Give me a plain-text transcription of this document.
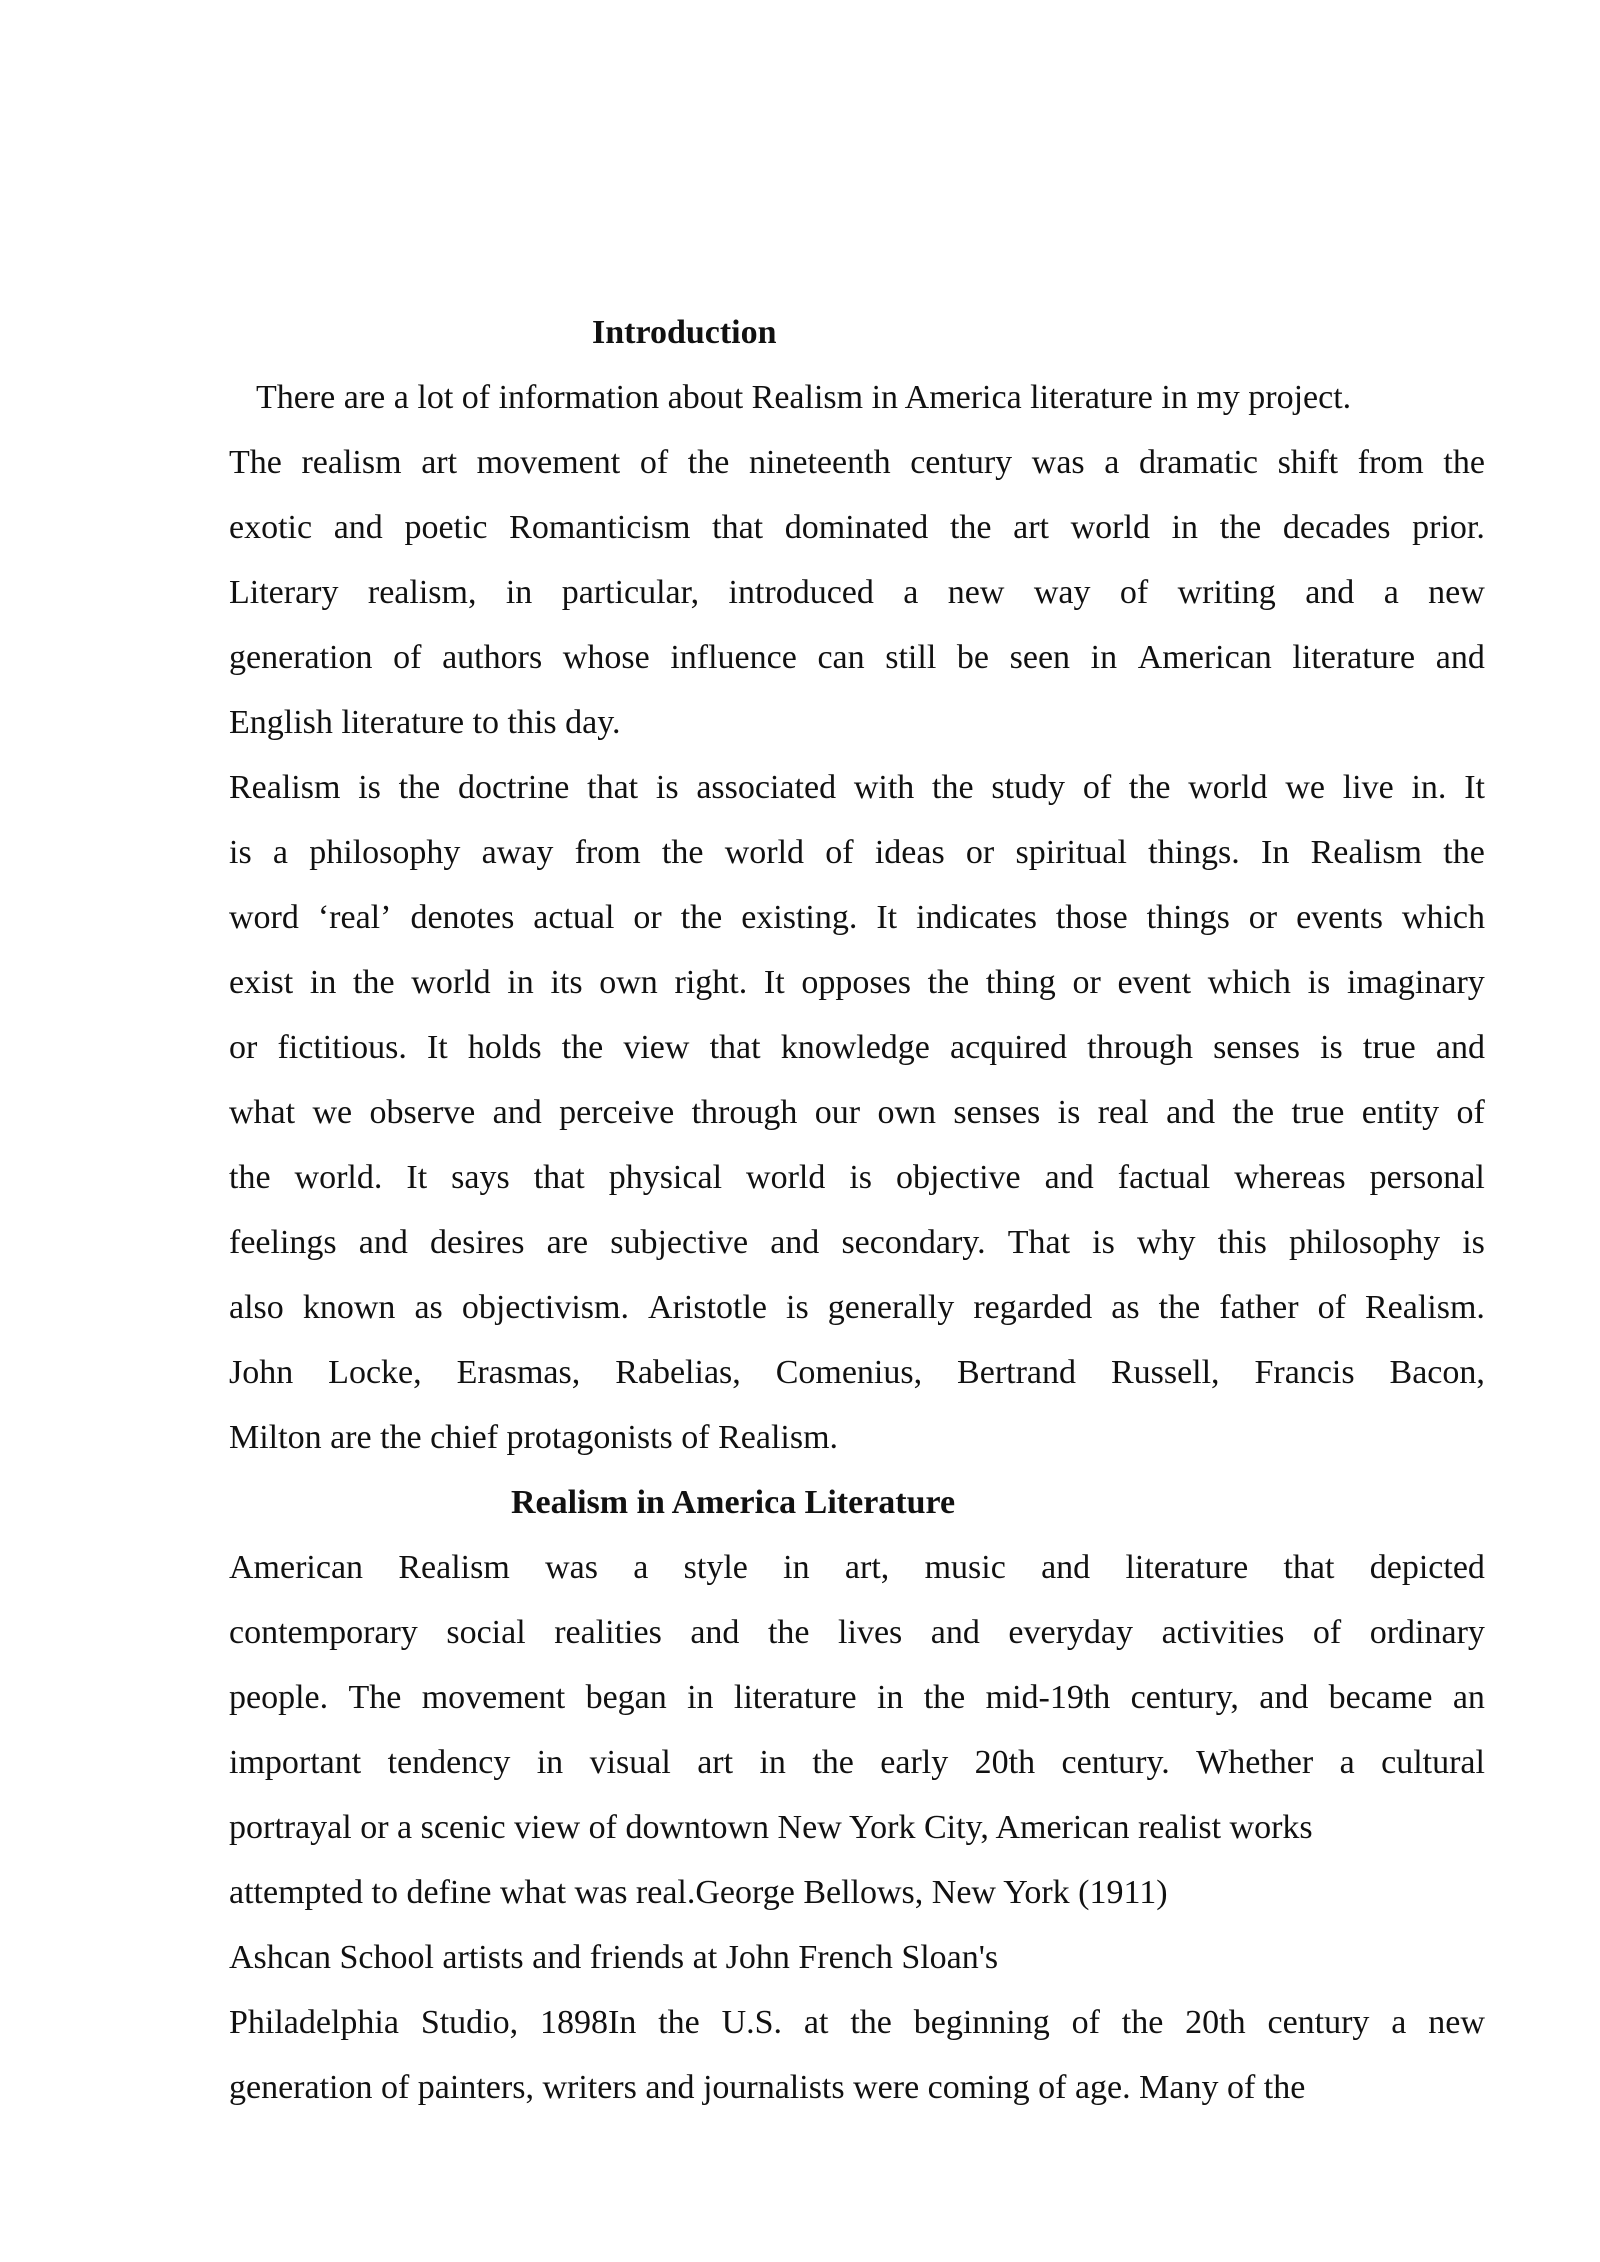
Introduction
There are a lot of information about Realism in America literature in my project.
The realism art movement of the nineteenth century was a dramatic shift from the
exotic and poetic Romanticism that dominated the art world in the decades prior.
Literary realism, in particular, introduced a new way of writing and a new
generation of authors whose influence can still be seen in American literature and
English literature to this day.
Realism is the doctrine that is associated with the study of the world we live in. It
is a philosophy away from the world of ideas or spiritual things. In Realism the
word ‘real’ denotes actual or the existing. It indicates those things or events which
exist in the world in its own right. It opposes the thing or event which is imaginary
or fictitious. It holds the view that knowledge acquired through senses is true and
what we observe and perceive through our own senses is real and the true entity of
the world. It says that physical world is objective and factual whereas personal
feelings and desires are subjective and secondary. That is why this philosophy is
also known as objectivism. Aristotle is generally regarded as the father of Realism.
John Locke, Erasmas, Rabelias, Comenius, Bertrand Russell, Francis Bacon,
Milton are the chief protagonists of Realism.
Realism in America Literature
American Realism was a style in art, music and literature that depicted
contemporary social realities and the lives and everyday activities of ordinary
people. The movement began in literature in the mid-19th century, and became an
important tendency in visual art in the early 20th century. Whether a cultural
portrayal or a scenic view of downtown New York City, American realist works
attempted to define what was real.George Bellows, New York (1911)
Ashcan School artists and friends at John French Sloan's
Philadelphia Studio, 1898In the U.S. at the beginning of the 20th century a new
generation of painters, writers and journalists were coming of age. Many of the
